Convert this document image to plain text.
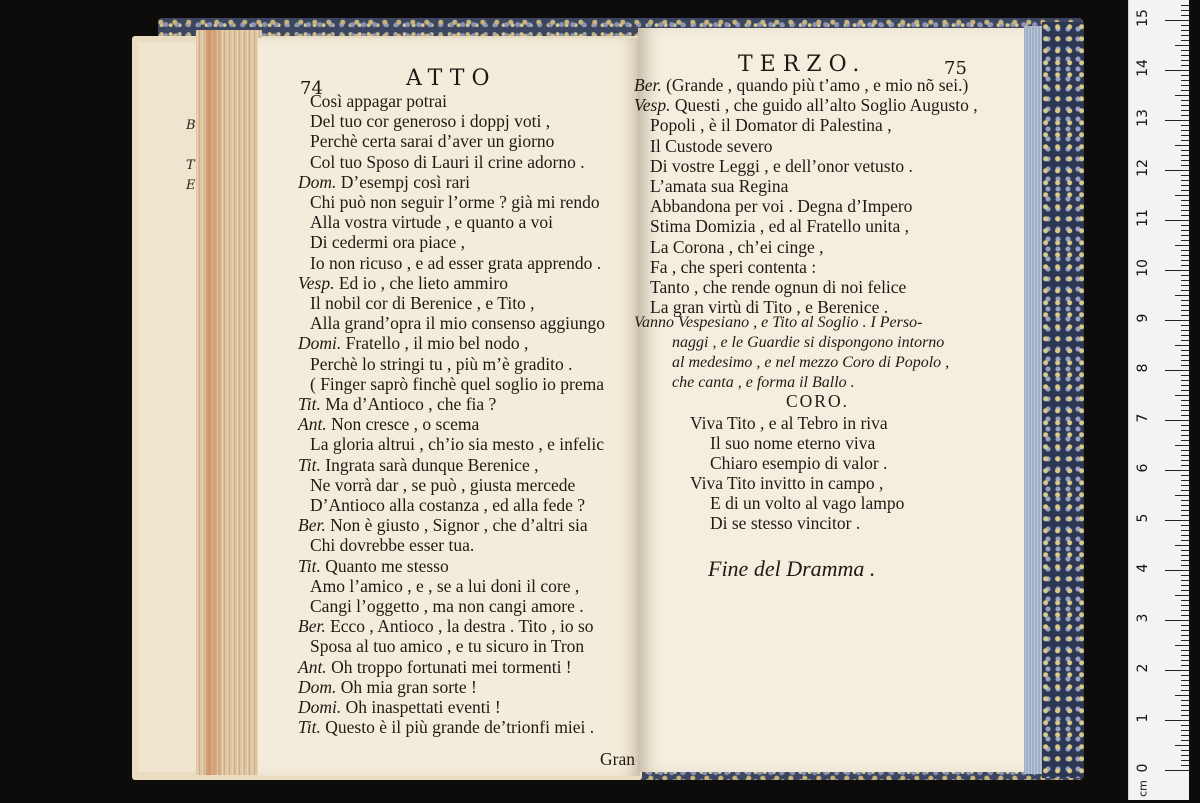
B
T
E
74	ATTO
Così appagar potrai
Del tuo cor generoso i doppj voti ,
Perchè certa sarai d’aver un giorno
Col tuo Sposo di Lauri il crine adorno .
Dom. D’esempj così rari
Chi può non seguir l’orme ? già mi rendo
Alla vostra virtude , e quanto a voi
Di cedermi ora piace ,
Io non ricuso , e ad esser grata apprendo .
Vesp. Ed io , che lieto ammiro
Il nobil cor di Berenice , e Tito ,
Alla grand’opra il mio consenso aggiungo
Domi. Fratello , il mio bel nodo ,
Perchè lo stringi tu , più m’è gradito .
( Finger saprò finchè quel soglio io prema
Tit. Ma d’Antioco , che fia ?
Ant. Non cresce , o scema
La gloria altrui , ch’io sia mesto , e infelic
Tit. Ingrata sarà dunque Berenice ,
Ne vorrà dar , se può , giusta mercede
D’Antioco alla costanza , ed alla fede ?
Ber. Non è giusto , Signor , che d’altri sia
Chi dovrebbe esser tua.
Tit. Quanto me stesso
Amo l’amico , e , se a lui doni il core ,
Cangi l’oggetto , ma non cangi amore .
Ber. Ecco , Antioco , la destra . Tito , io so
Sposa al tuo amico , e tu sicuro in Tron
Ant. Oh troppo fortunati mei tormenti !
Dom. Oh mia gran sorte !
Domi. Oh inaspettati eventi !
Tit. Questo è il più grande de’trionfi miei .
Gran
TERZO.	75
Ber. (Grande , quando più t’amo , e mio nõ sei.)
Vesp. Questi , che guido all’alto Soglio Augusto ,
Popoli , è il Domator di Palestina ,
Il Custode severo
Di vostre Leggi , e dell’onor vetusto .
L’amata sua Regina
Abbandona per voi . Degna d’Impero
Stima Domizia , ed al Fratello unita ,
La Corona , ch’ei cinge ,
Fa , che speri contenta :
Tanto , che rende ognun di noi felice
La gran virtù di Tito , e Berenice .
Vanno Vespesiano , e Tito al Soglio . I Perso-
naggi , e le Guardie si dispongono intorno
al medesimo , e nel mezzo Coro di Popolo ,
che canta , e forma il Ballo .
CORO.
Viva Tito , e al Tebro in riva
Il suo nome eterno viva
Chiaro esempio di valor .
Viva Tito invitto in campo ,
E di un volto al vago lampo
Di se stesso vincitor .
Fine del Dramma .
0
1
2
3
4
5
6
7
8
9
10
11
12
13
14
15
cm
